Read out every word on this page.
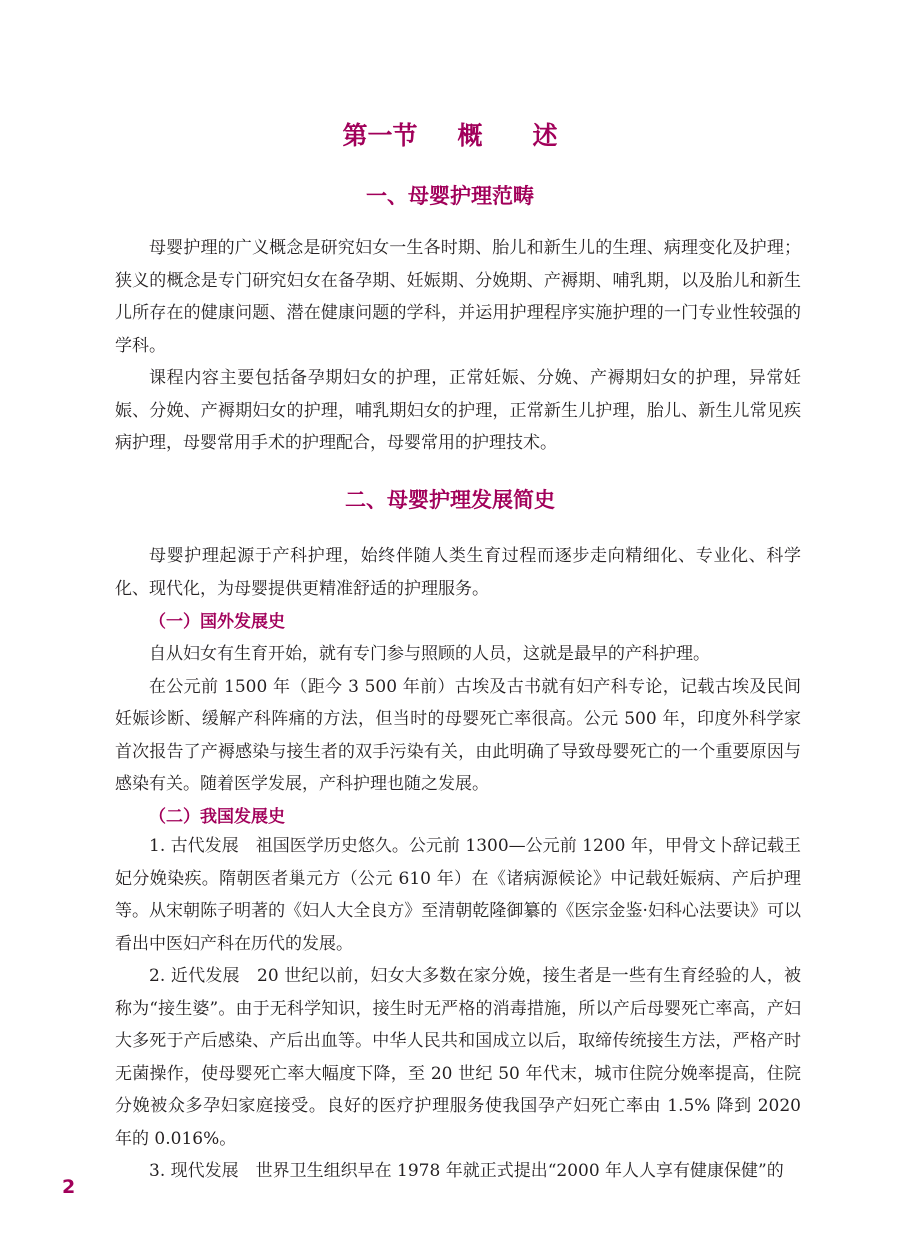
第一节 概　　述
一、母婴护理范畴

母婴护理的广义概念是研究妇女一生各时期、胎儿和新生儿的生理、病理变化及护理；狭义的概念是专门研究妇女在备孕期、妊娠期、分娩期、产褥期、哺乳期，以及胎儿和新生儿所存在的健康问题、潜在健康问题的学科，并运用护理程序实施护理的一门专业性较强的学科。

课程内容主要包括备孕期妇女的护理，正常妊娠、分娩、产褥期妇女的护理，异常妊娠、分娩、产褥期妇女的护理，哺乳期妇女的护理，正常新生儿护理，胎儿、新生儿常见疾病护理，母婴常用手术的护理配合，母婴常用的护理技术。

二、母婴护理发展简史

母婴护理起源于产科护理，始终伴随人类生育过程而逐步走向精细化、专业化、科学化、现代化，为母婴提供更精准舒适的护理服务。

（一）国外发展史

自从妇女有生育开始，就有专门参与照顾的人员，这就是最早的产科护理。

在公元前 1500 年（距今 3 500 年前）古埃及古书就有妇产科专论，记载古埃及民间妊娠诊断、缓解产科阵痛的方法，但当时的母婴死亡率很高。公元 500 年，印度外科学家首次报告了产褥感染与接生者的双手污染有关，由此明确了导致母婴死亡的一个重要原因与感染有关。随着医学发展，产科护理也随之发展。

（二）我国发展史

1. 古代发展　祖国医学历史悠久。公元前 1300—公元前 1200 年，甲骨文卜辞记载王妃分娩染疾。隋朝医者巢元方（公元 610 年）在《诸病源候论》中记载妊娠病、产后护理等。从宋朝陈子明著的《妇人大全良方》至清朝乾隆御纂的《医宗金鉴·妇科心法要诀》可以看出中医妇产科在历代的发展。

2. 近代发展　20 世纪以前，妇女大多数在家分娩，接生者是一些有生育经验的人，被称为“接生婆”。由于无科学知识，接生时无严格的消毒措施，所以产后母婴死亡率高，产妇大多死于产后感染、产后出血等。中华人民共和国成立以后，取缔传统接生方法，严格产时无菌操作，使母婴死亡率大幅度下降，至 20 世纪 50 年代末，城市住院分娩率提高，住院分娩被众多孕妇家庭接受。良好的医疗护理服务使我国孕产妇死亡率由 1.5% 降到 2020 年的 0.016%。

3. 现代发展　世界卫生组织早在 1978 年就正式提出“2000 年人人享有健康保健”的

2
